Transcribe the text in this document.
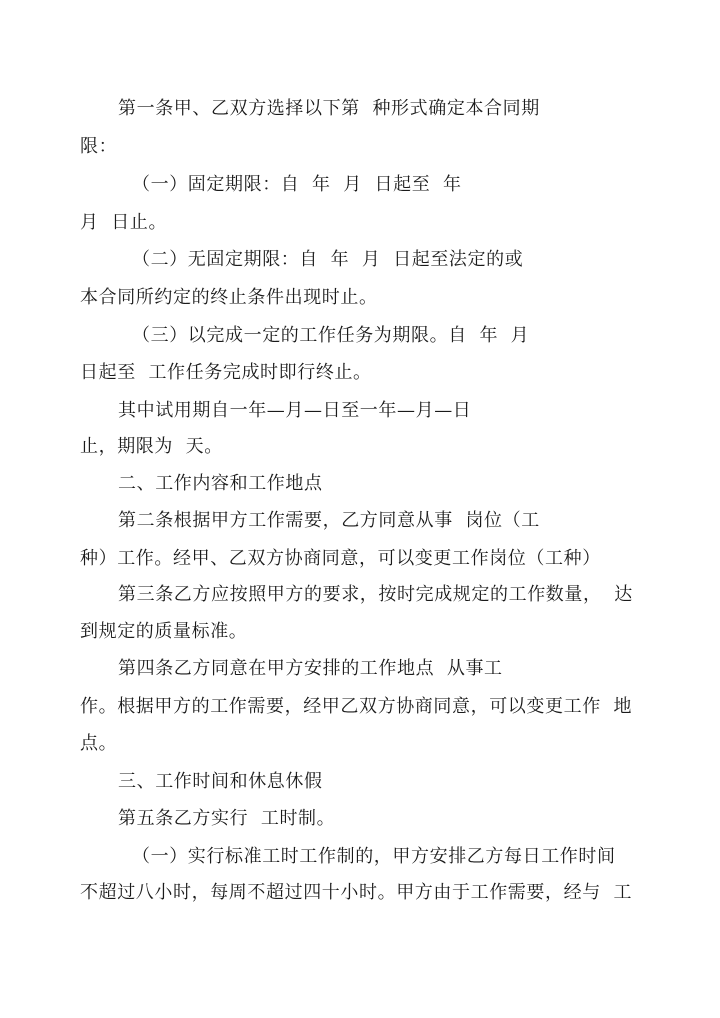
第一条甲、乙双方选择以下第  种形式确定本合同期
限：
（一）固定期限：自  年  月  日起至  年
月  日止。
（二）无固定期限：自  年  月  日起至法定的或
本合同所约定的终止条件出现时止。
（三）以完成一定的工作任务为期限。自  年  月
日起至  工作任务完成时即行终止。
其中试用期自一年—月—日至一年—月—日
止，期限为  天。
二、工作内容和工作地点
第二条根据甲方工作需要，乙方同意从事  岗位（工
种）工作。经甲、乙双方协商同意，可以变更工作岗位（工种）
第三条乙方应按照甲方的要求，按时完成规定的工作数量，  达
到规定的质量标准。
第四条乙方同意在甲方安排的工作地点  从事工
作。根据甲方的工作需要，经甲乙双方协商同意，可以变更工作  地
点。
三、工作时间和休息休假
第五条乙方实行  工时制。
（一）实行标准工时工作制的，甲方安排乙方每日工作时间
不超过八小时，每周不超过四十小时。甲方由于工作需要，经与  工
